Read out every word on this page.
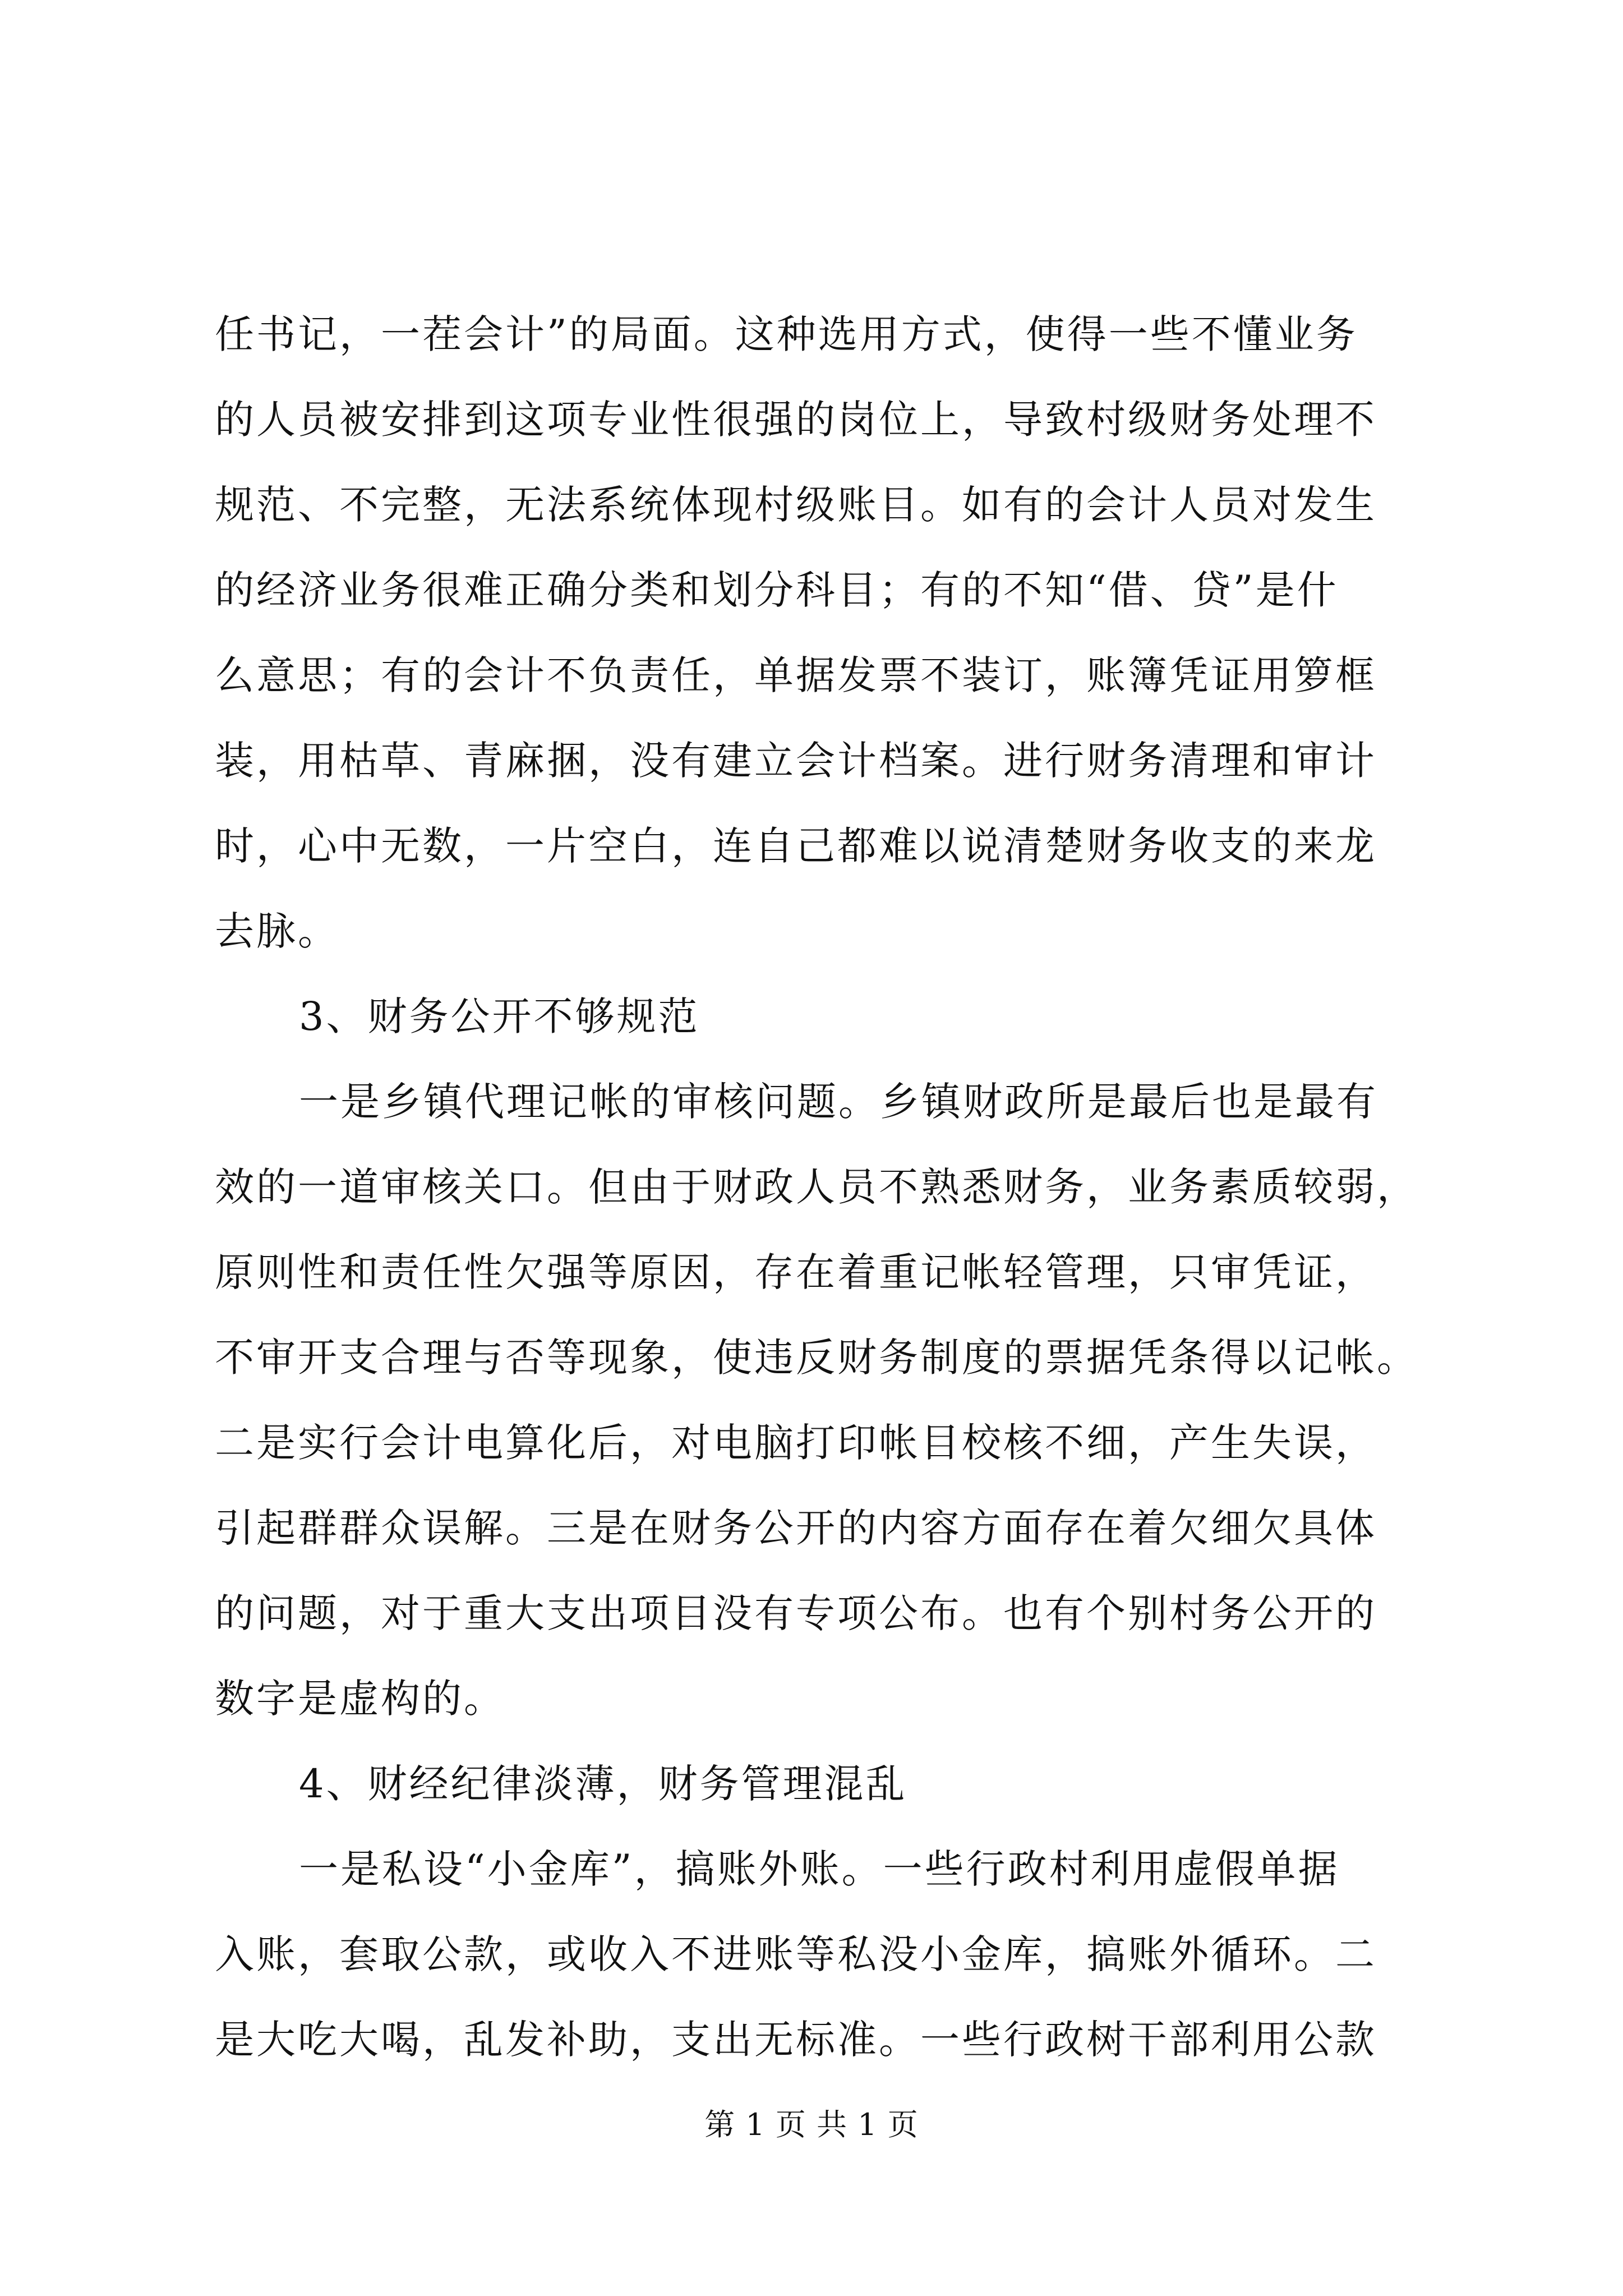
任书记，一茬会计”的局面。这种选用方式，使得一些不懂业务
的人员被安排到这项专业性很强的岗位上，导致村级财务处理不
规范、不完整，无法系统体现村级账目。如有的会计人员对发生
的经济业务很难正确分类和划分科目；有的不知“借、贷”是什
么意思；有的会计不负责任，单据发票不装订，账簿凭证用箩框
装，用枯草、青麻捆，没有建立会计档案。进行财务清理和审计
时，心中无数，一片空白，连自己都难以说清楚财务收支的来龙
去脉。
3、财务公开不够规范
一是乡镇代理记帐的审核问题。乡镇财政所是最后也是最有
效的一道审核关口。但由于财政人员不熟悉财务，业务素质较弱，
原则性和责任性欠强等原因，存在着重记帐轻管理，只审凭证，
不审开支合理与否等现象，使违反财务制度的票据凭条得以记帐。
二是实行会计电算化后，对电脑打印帐目校核不细，产生失误，
引起群群众误解。三是在财务公开的内容方面存在着欠细欠具体
的问题，对于重大支出项目没有专项公布。也有个别村务公开的
数字是虚构的。
4、财经纪律淡薄，财务管理混乱
一是私设“小金库”，搞账外账。一些行政村利用虚假单据
入账，套取公款，或收入不进账等私没小金库，搞账外循环。二
是大吃大喝，乱发补助，支出无标准。一些行政树干部利用公款
第 1 页 共 1 页
